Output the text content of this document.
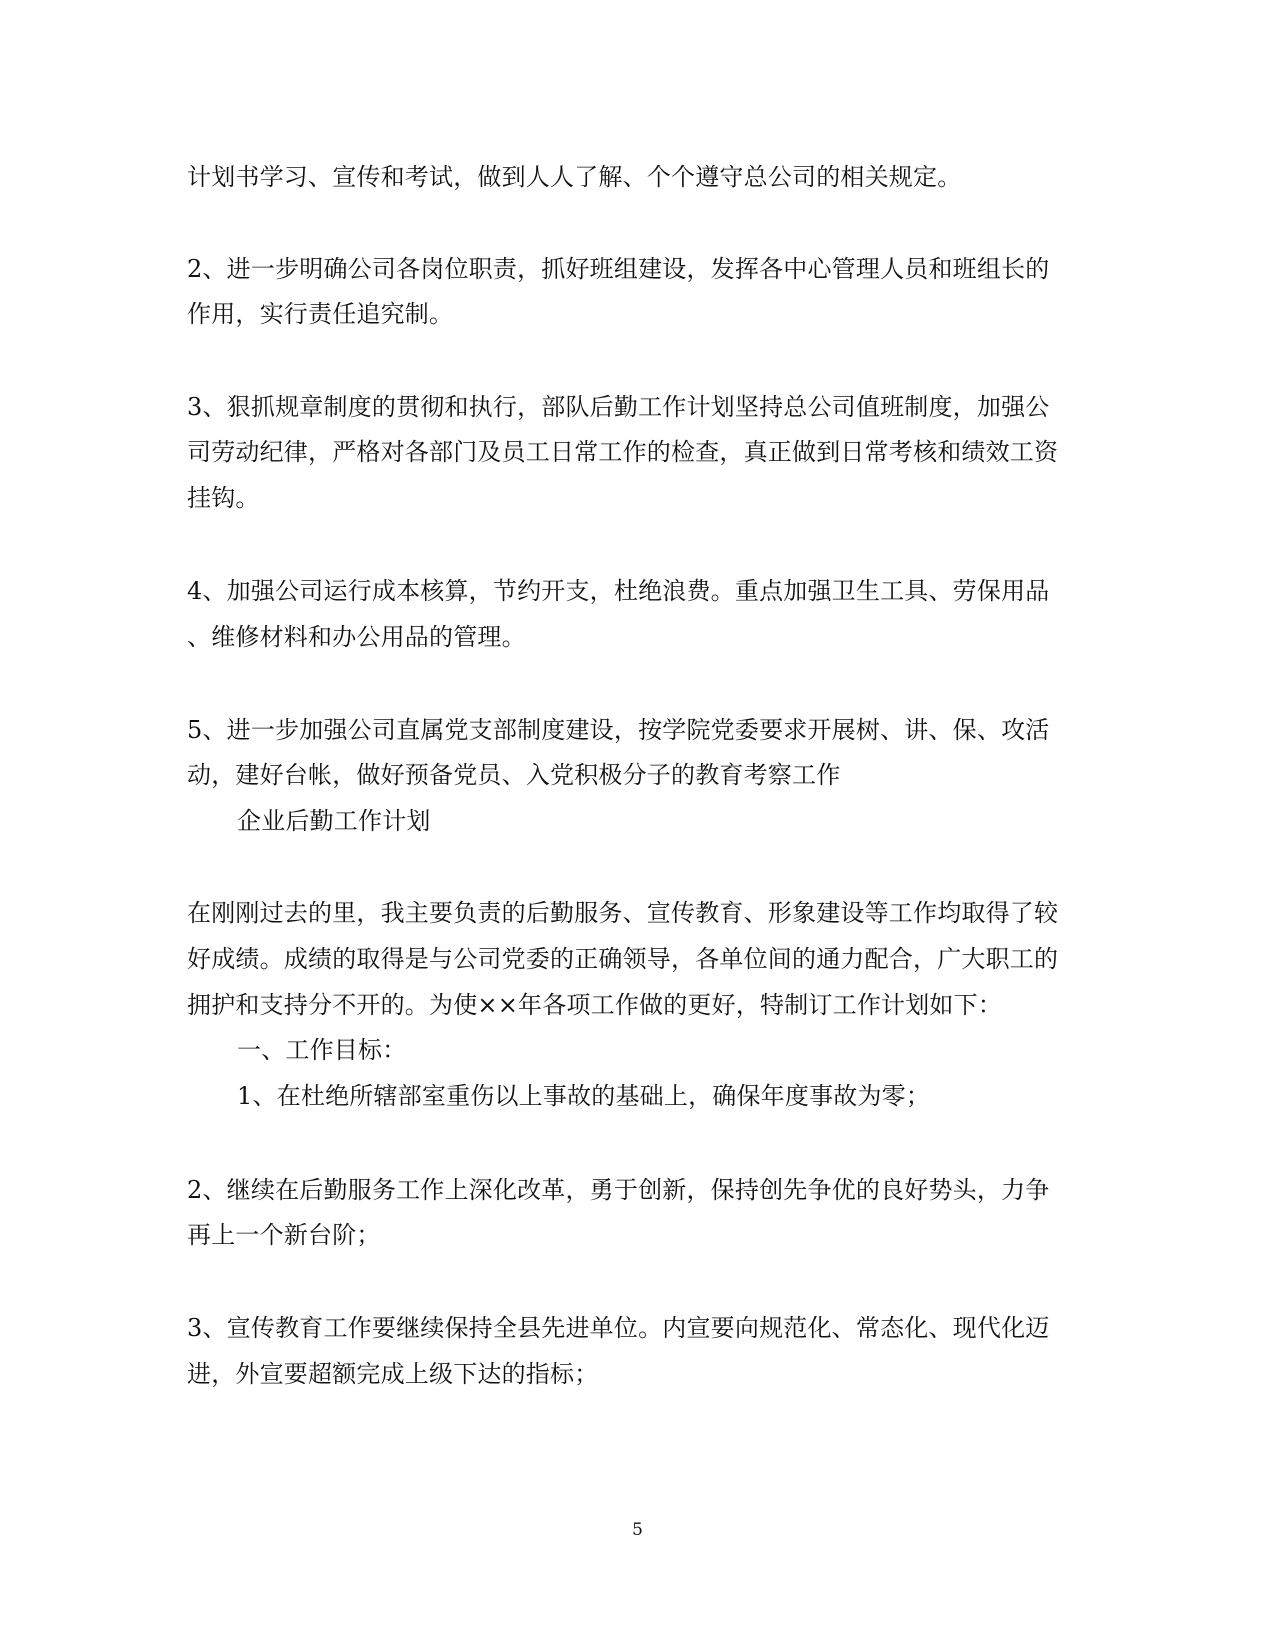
计划书学习、宣传和考试，做到人人了解、个个遵守总公司的相关规定。
2、进一步明确公司各岗位职责，抓好班组建设，发挥各中心管理人员和班组长的
作用，实行责任追究制。
3、狠抓规章制度的贯彻和执行，部队后勤工作计划坚持总公司值班制度，加强公
司劳动纪律，严格对各部门及员工日常工作的检查，真正做到日常考核和绩效工资
挂钩。
4、加强公司运行成本核算，节约开支，杜绝浪费。重点加强卫生工具、劳保用品
、维修材料和办公用品的管理。
5、进一步加强公司直属党支部制度建设，按学院党委要求开展树、讲、保、攻活
动，建好台帐，做好预备党员、入党积极分子的教育考察工作
企业后勤工作计划
在刚刚过去的里，我主要负责的后勤服务、宣传教育、形象建设等工作均取得了较
好成绩。成绩的取得是与公司党委的正确领导，各单位间的通力配合，广大职工的
拥护和支持分不开的。为使××年各项工作做的更好，特制订工作计划如下：
一、工作目标：
1、在杜绝所辖部室重伤以上事故的基础上，确保年度事故为零；
2、继续在后勤服务工作上深化改革，勇于创新，保持创先争优的良好势头，力争
再上一个新台阶；
3、宣传教育工作要继续保持全县先进单位。内宣要向规范化、常态化、现代化迈
进，外宣要超额完成上级下达的指标；
5
